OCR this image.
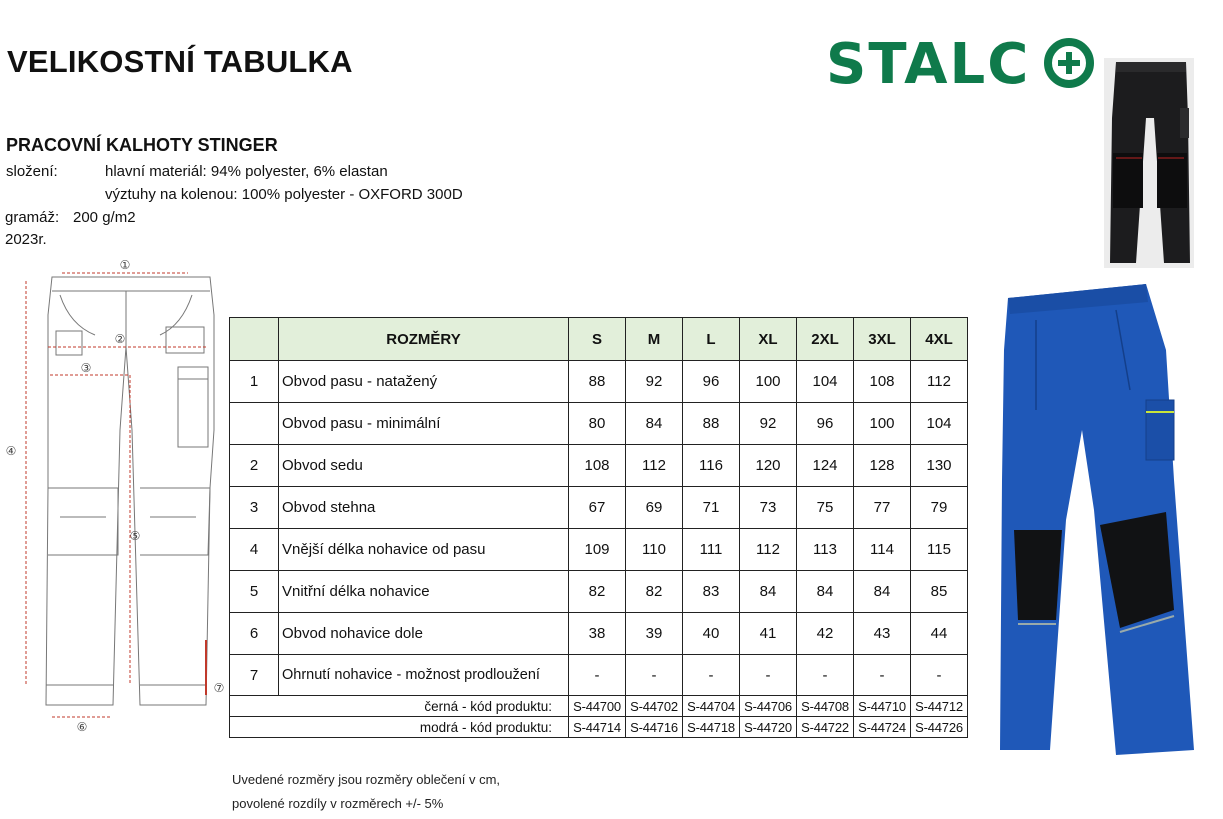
VELIKOSTNÍ TABULKA	STALC
PRACOVNÍ KALHOTY STINGER
složení:	hlavní materiál: 94% polyester, 6% elastan
výztuhy na kolenou: 100% polyester - OXFORD 300D
gramáž: 200 g/m2
2023r.
①
②
③
④
⑤
⑥
⑦
	ROZMĚRY	S	M	L	XL	2XL	3XL	4XL
1	Obvod pasu - natažený	88	92	96	100	104	108	112
	Obvod pasu - minimální	80	84	88	92	96	100	104
2	Obvod sedu	108	112	116	120	124	128	130
3	Obvod stehna	67	69	71	73	75	77	79
4	Vnější délka nohavice od pasu	109	110	111	112	113	114	115
5	Vnitřní délka nohavice	82	82	83	84	84	84	85
6	Obvod nohavice dole	38	39	40	41	42	43	44
7	Ohrnutí nohavice - možnost prodloužení	-	-	-	-	-	-	-
černá - kód produktu:		S-44700	S-44702	S-44704	S-44706	S-44708	S-44710	S-44712
modrá - kód produktu:		S-44714	S-44716	S-44718	S-44720	S-44722	S-44724	S-44726
Uvedené rozměry jsou rozměry oblečení v cm,
povolené rozdíly v rozměrech +/- 5%
